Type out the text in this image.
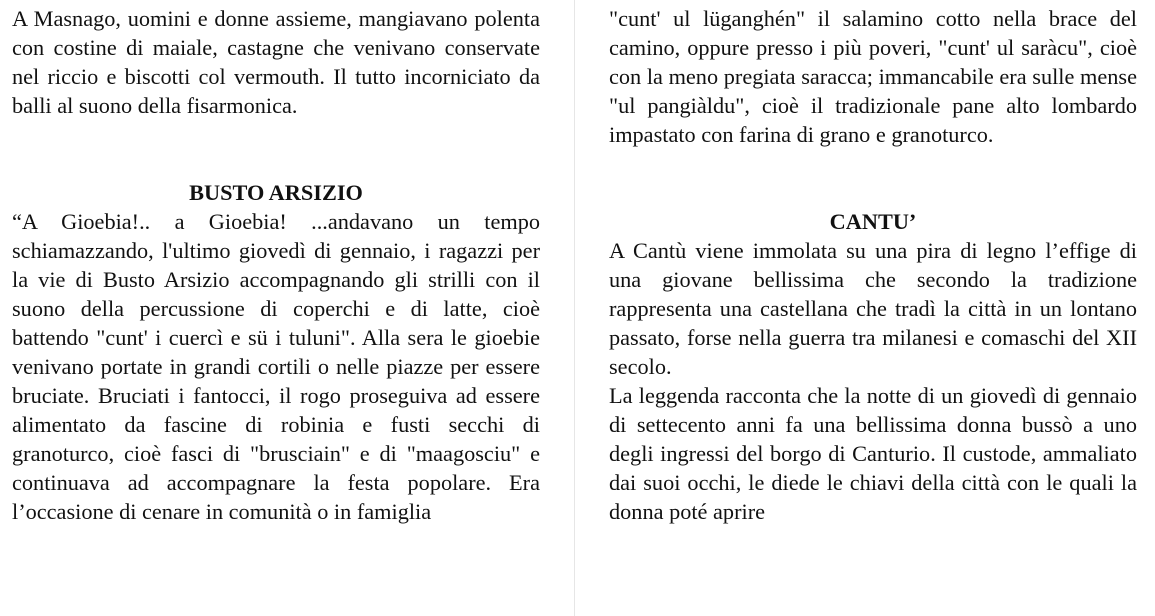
A Masnago, uomini e donne assieme, mangiavano polenta con costine di maiale, castagne che venivano conservate nel riccio e biscotti col vermouth. Il tutto incorniciato da balli al suono della fisarmonica.

BUSTO ARSIZIO

“A Gioebia!.. a Gioebia! ...andavano un tempo schiamazzando, l'ultimo giovedì di gennaio, i ragazzi per la vie di Busto Arsizio accompagnando gli strilli con il suono della percussione di coperchi e di latte, cioè battendo "cunt' i cuercì e sü i tuluni". Alla sera le gioebie venivano portate in grandi cortili o nelle piazze per essere bruciate. Bruciati i fantocci, il rogo proseguiva ad essere alimentato da fascine di robinia e fusti secchi di granoturco, cioè fasci di "brusciain" e di "maagosciu" e continuava ad accompagnare la festa popolare. Era l’occasione di cenare in comunità o in famiglia

"cunt' ul lüganghén" il salamino cotto nella brace del camino, oppure presso i più poveri, "cunt' ul saràcu", cioè con la meno pregiata saracca; immancabile era sulle mense "ul pangiàldu", cioè il tradizionale pane alto lombardo impastato con farina di grano e granoturco.

CANTU’

A Cantù viene immolata su una pira di legno l’effige di una giovane bellissima che secondo la tradizione rappresenta una castellana che tradì la città in un lontano passato, forse nella guerra tra milanesi e comaschi del XII secolo.

La leggenda racconta che la notte di un giovedì di gennaio di settecento anni fa una bellissima donna bussò a uno degli ingressi del borgo di Canturio. Il custode, ammaliato dai suoi occhi, le diede le chiavi della città con le quali la donna poté aprire
